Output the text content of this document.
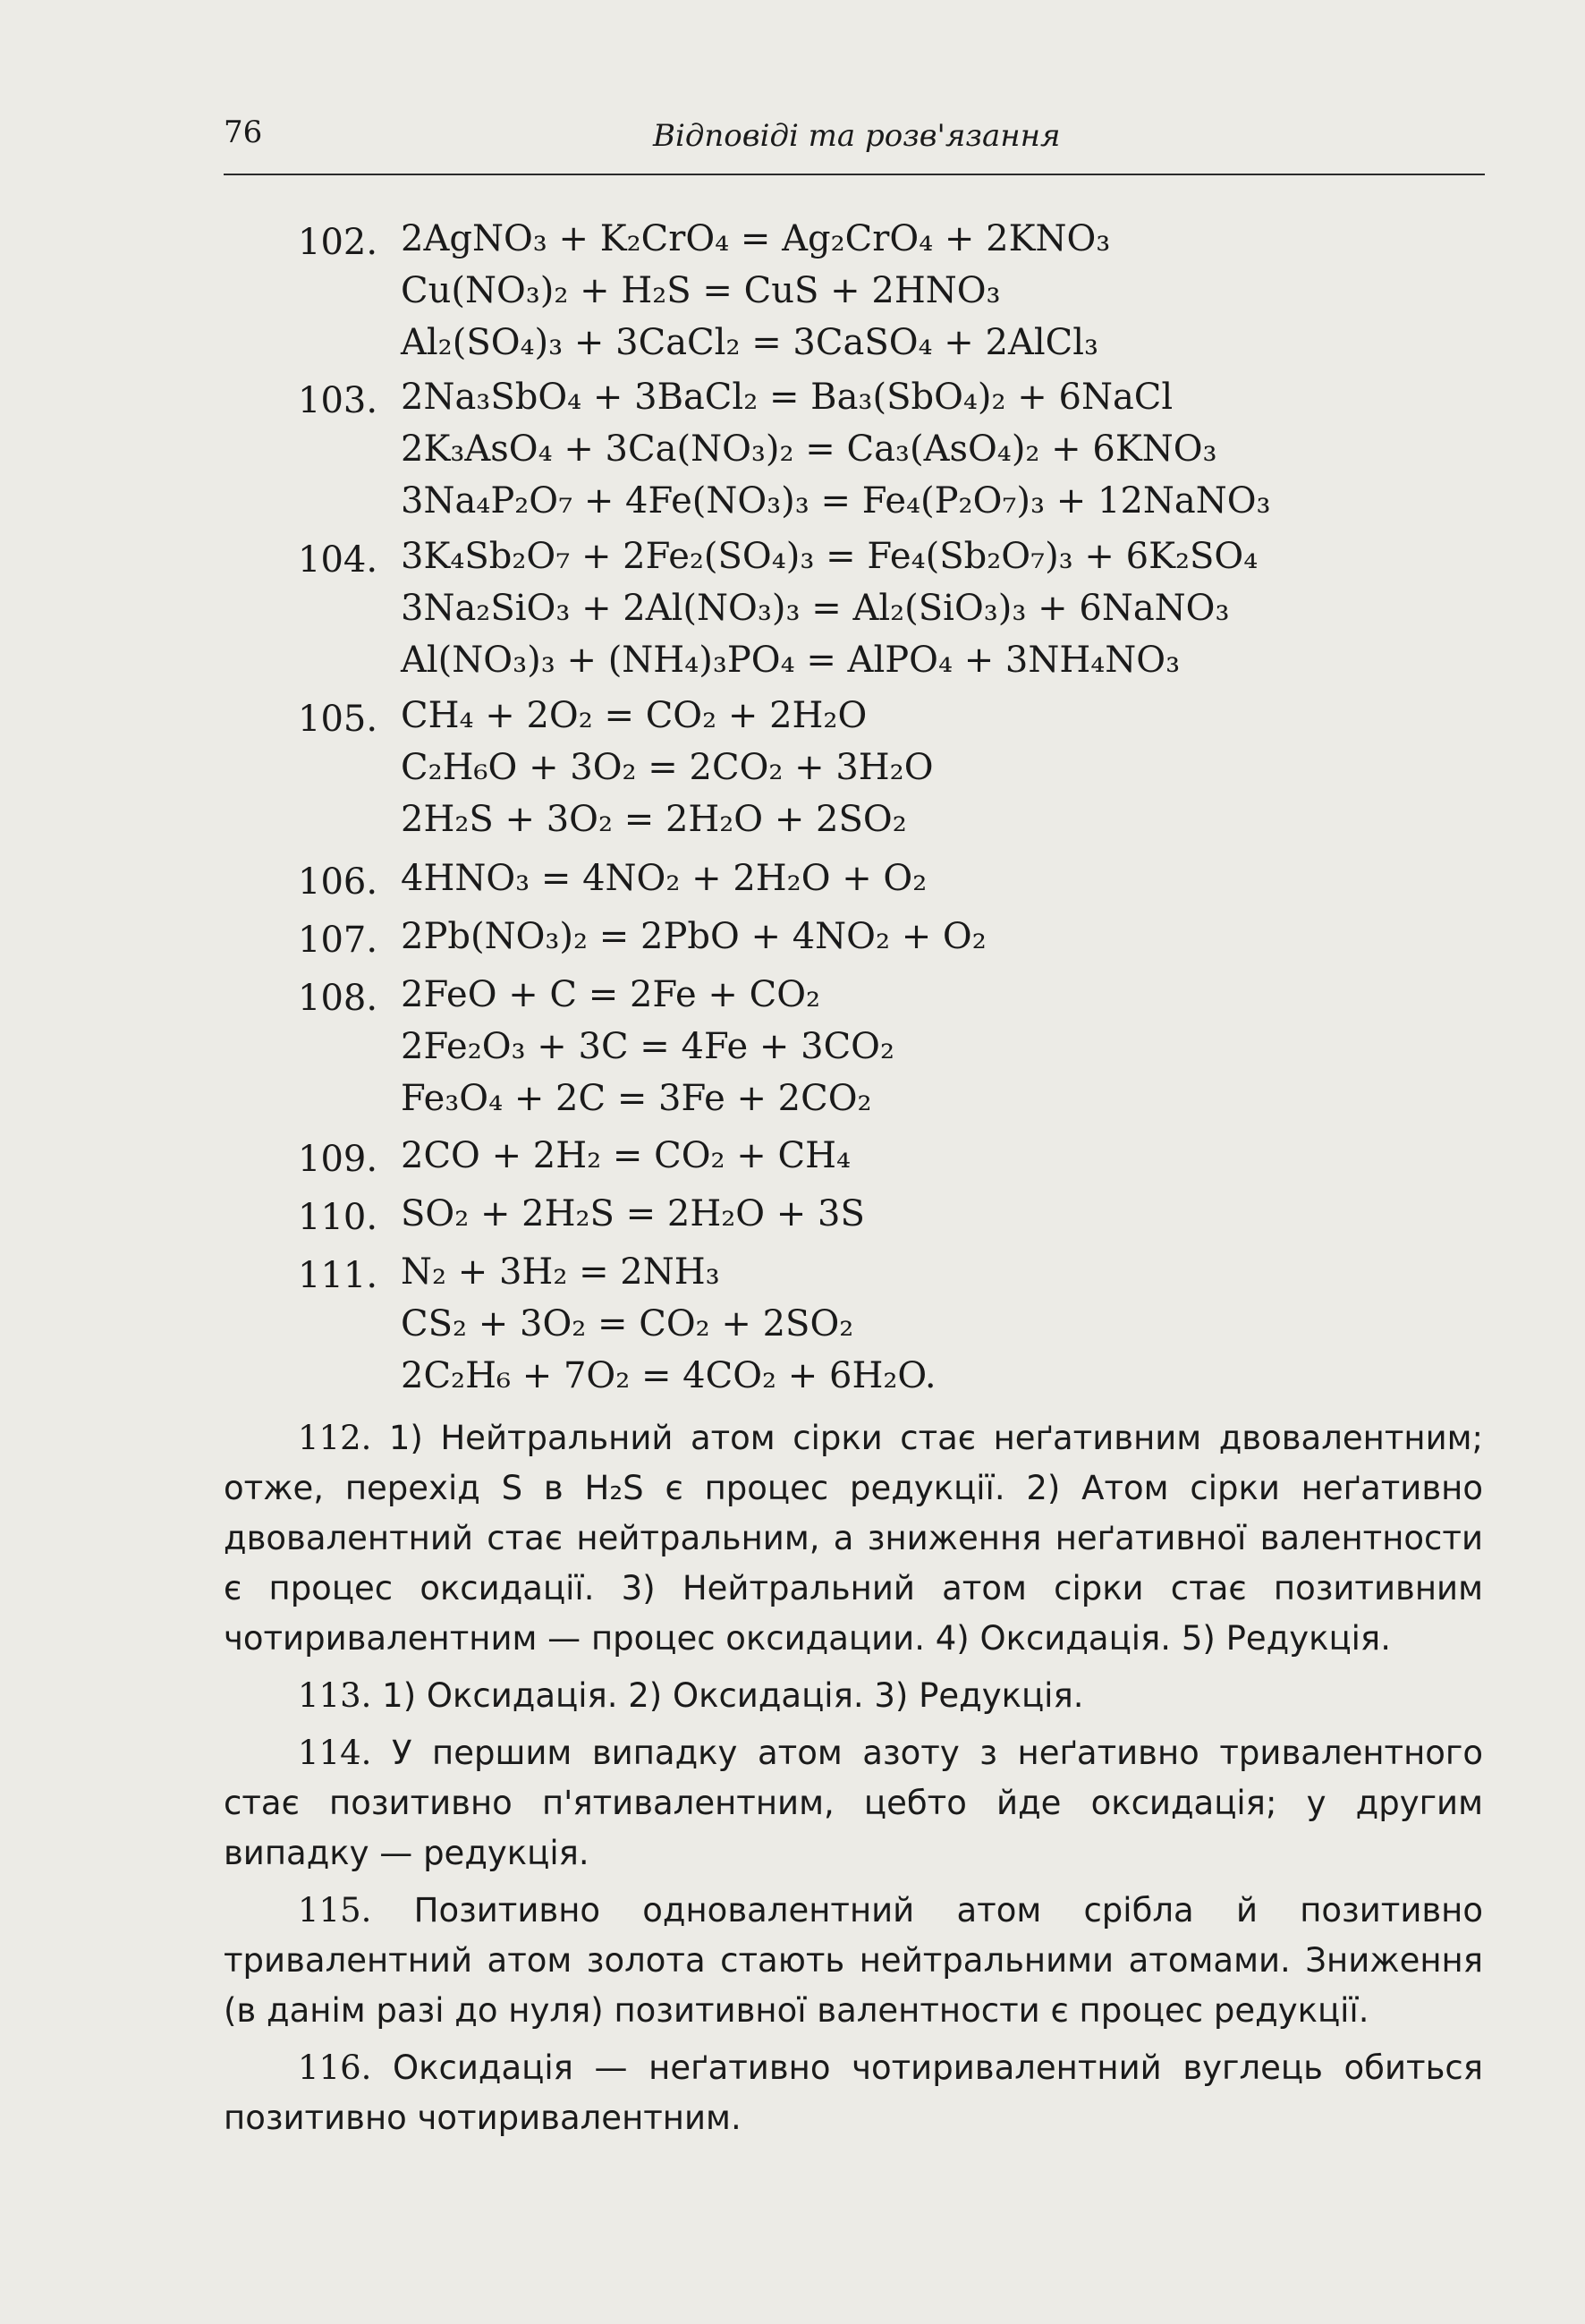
76	Відповіді та розв'язання
102. 2AgNO₃ + K₂CrO₄ = Ag₂CrO₄ + 2KNO₃
Cu(NO₃)₂ + H₂S = CuS + 2HNO₃
Al₂(SO₄)₃ + 3CaCl₂ = 3CaSO₄ + 2AlCl₃
103. 2Na₃SbO₄ + 3BaCl₂ = Ba₃(SbO₄)₂ + 6NaCl
2K₃AsO₄ + 3Ca(NO₃)₂ = Ca₃(AsO₄)₂ + 6KNO₃
3Na₄P₂O₇ + 4Fe(NO₃)₃ = Fe₄(P₂O₇)₃ + 12NaNO₃
104. 3K₄Sb₂O₇ + 2Fe₂(SO₄)₃ = Fe₄(Sb₂O₇)₃ + 6K₂SO₄
3Na₂SiO₃ + 2Al(NO₃)₃ = Al₂(SiO₃)₃ + 6NaNO₃
Al(NO₃)₃ + (NH₄)₃PO₄ = AlPO₄ + 3NH₄NO₃
105. CH₄ + 2O₂ = CO₂ + 2H₂O
C₂H₆O + 3O₂ = 2CO₂ + 3H₂O
2H₂S + 3O₂ = 2H₂O + 2SO₂
106. 4HNO₃ = 4NO₂ + 2H₂O + O₂
107. 2Pb(NO₃)₂ = 2PbO + 4NO₂ + O₂
108. 2FeO + C = 2Fe + CO₂
2Fe₂O₃ + 3C = 4Fe + 3CO₂
Fe₃O₄ + 2C = 3Fe + 2CO₂
109. 2CO + 2H₂ = CO₂ + CH₄
110. SO₂ + 2H₂S = 2H₂O + 3S
111. N₂ + 3H₂ = 2NH₃
CS₂ + 3O₂ = CO₂ + 2SO₂
2C₂H₆ + 7O₂ = 4CO₂ + 6H₂O.

112. 1) Нейтральний атом сірки стає неґативним двовалентним; отже, перехід S в H₂S є процес редукції. 2) Атом сірки неґативно двовалентний стає нейтральним, а зниження неґативної валентности є процес оксидації. 3) Нейтральний атом сірки стає позитивним чотиривалентним — процес оксидации. 4) Оксидація. 5) Редукція.

113. 1) Оксидація. 2) Оксидація. 3) Редукція.

114. У першим випадку атом азоту з неґативно тривалентного стає позитивно п'ятивалентним, цебто йде оксидація; у другим випадку — редукція.

115. Позитивно одновалентний атом срібла й позитивно тривалентний атом золота стають нейтральними атомами. Зниження (в данім разі до нуля) позитивної валентности є процес редукції.

116. Оксидація — неґативно чотиривалентний вуглець обиться позитивно чотиривалентним.
